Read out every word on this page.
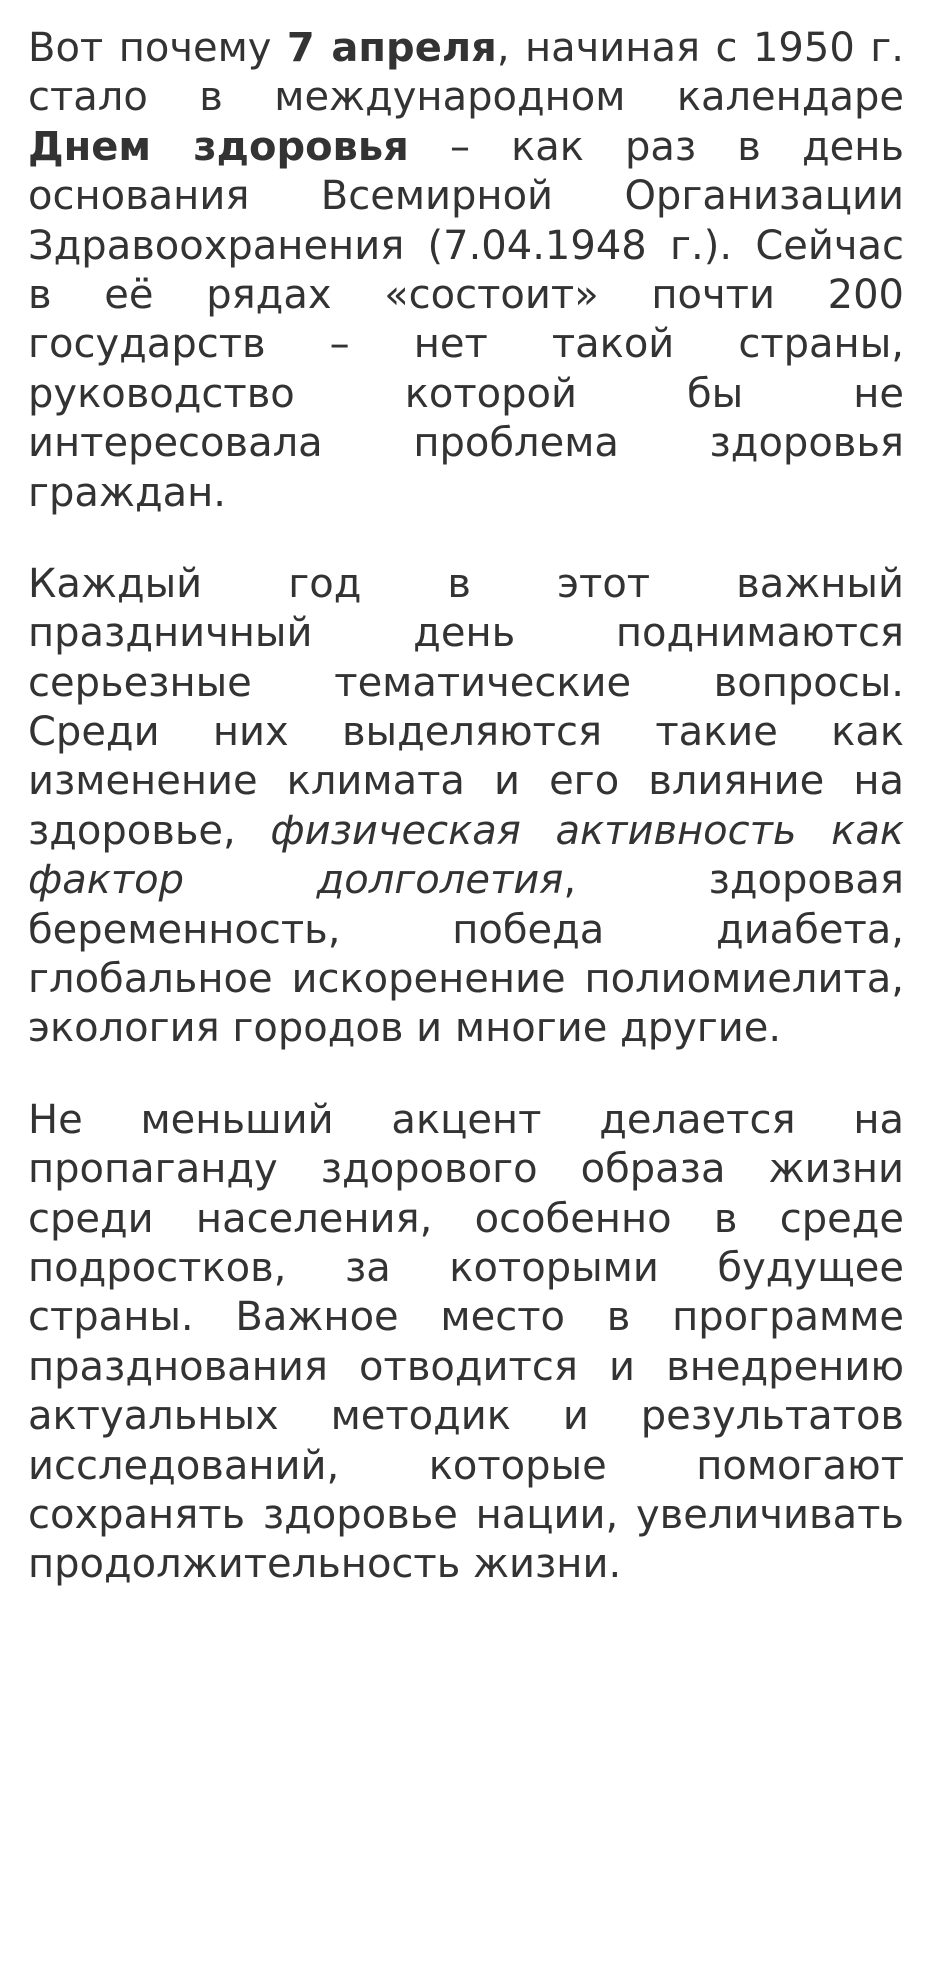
Вот почему 7 апреля, начиная с 1950 г. стало в международном календаре Днем здоровья – как раз в день основания Всемирной Организации Здравоохранения (7.04.1948 г.). Сейчас в её рядах «состоит» почти 200 государств – нет такой страны, руководство которой бы не интересовала проблема здоровья граждан.

Каждый год в этот важный праздничный день поднимаются серьезные тематические вопросы. Среди них выделяются такие как изменение климата и его влияние на здоровье, физическая активность как фактор долголетия, здоровая беременность, победа диабета, глобальное искоренение полиомиелита, экология городов и многие другие.

Не меньший акцент делается на пропаганду здорового образа жизни среди населения, особенно в среде подростков, за которыми будущее страны. Важное место в программе празднования отводится и внедрению актуальных методик и результатов исследований, которые помогают сохранять здоровье нации, увеличивать продолжительность жизни.
